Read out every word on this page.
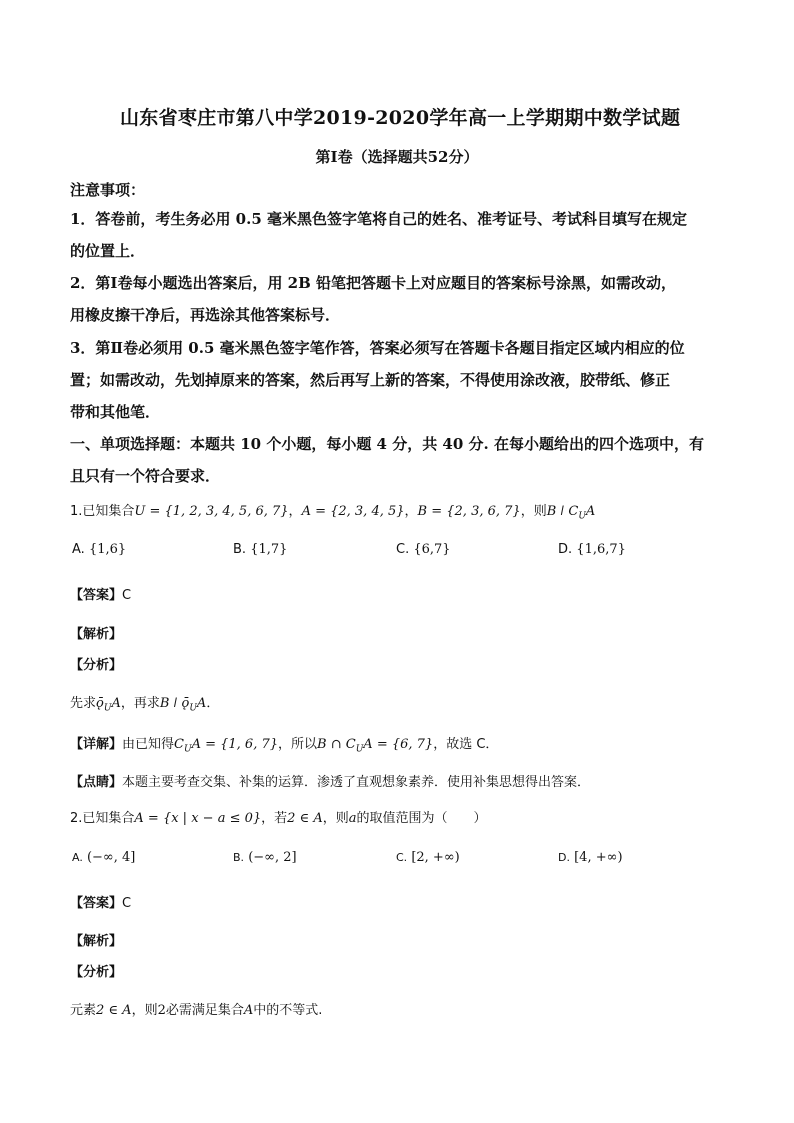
山东省枣庄市第八中学2019-2020学年高一上学期期中数学试题
第I卷（选择题共52分）
注意事项：
1．答卷前，考生务必用 0.5 毫米黑色签字笔将自己的姓名、准考证号、考试科目填写在规定
的位置上．
2．第Ⅰ卷每小题选出答案后，用 2B 铅笔把答题卡上对应题目的答案标号涂黑，如需改动，
用橡皮擦干净后，再选涂其他答案标号．
3．第Ⅱ卷必须用 0.5 毫米黑色签字笔作答，答案必须写在答题卡各题目指定区域内相应的位
置；如需改动，先划掉原来的答案，然后再写上新的答案，不得使用涂改液，胶带纸、修正
带和其他笔．
一、单项选择题：本题共 10 个小题，每小题 4 分，共 40 分. 在每小题给出的四个选项中，有
且只有一个符合要求．
1.已知集合U = {1, 2, 3, 4, 5, 6, 7}，A = {2, 3, 4, 5}，B = {2, 3, 6, 7}，则B ǀ $C_UA$
A. {1,6}	B. {1,7}	C. {6,7}	D. {1,6,7}
【答案】C
【解析】
【分析】
先求$ǭ_UA$，再求B ǀ $ǭ_UA$．
【详解】由已知得$C_UA = \{1$, 6, 7}，所以B ∩ $C_UA = \{6$, 7}，故选 C．
【点睛】本题主要考查交集、补集的运算．渗透了直观想象素养．使用补集思想得出答案．
2.已知集合A = {x | x − a ≤ 0}，若2 ∈ A，则a的取值范围为（　　）
A. (−∞, 4]	B. (−∞, 2]	C. [2, +∞)	D. [4, +∞)
【答案】C
【解析】
【分析】
元素2 ∈ A，则2必需满足集合A中的不等式.
